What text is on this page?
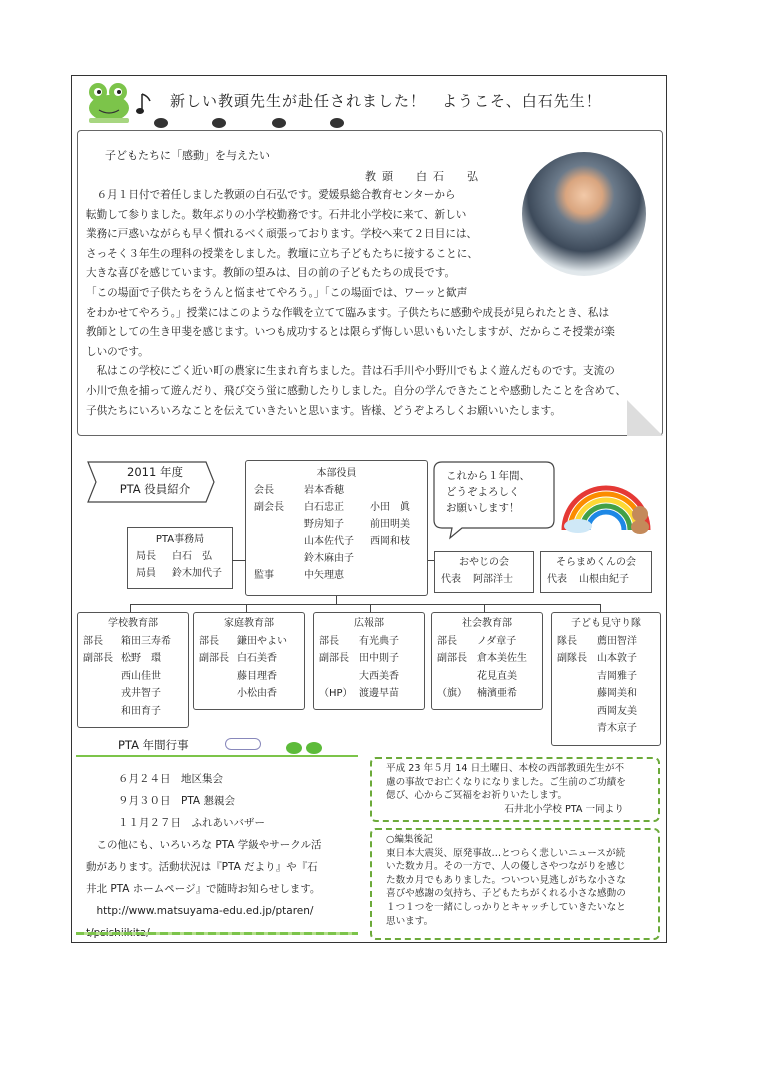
新しい教頭先生が赴任されました！　ようこそ、白石先生！
子どもたちに「感動」を与えたい
教頭　白石　弘

　６月１日付で着任しました教頭の白石弘です。愛媛県総合教育センターから

転勤して参りました。数年ぶりの小学校勤務です。石井北小学校に来て、新しい

業務に戸惑いながらも早く慣れるべく頑張っております。学校へ来て２日目には、

さっそく３年生の理科の授業をしました。教壇に立ち子どもたちに接することに、

大きな喜びを感じています。教師の望みは、目の前の子どもたちの成長です。

「この場面で子供たちをうんと悩ませてやろう。」「この場面では、ワーッと歓声

をわかせてやろう。」授業にはこのような作戦を立てて臨みます。子供たちに感動や成長が見られたとき、私は

教師としての生き甲斐を感じます。いつも成功するとは限らず悔しい思いもいたしますが、だからこそ授業が楽

しいのです。

　私はこの学校にごく近い町の農家に生まれ育ちました。昔は石手川や小野川でもよく遊んだものです。支流の

小川で魚を捕って遊んだり、飛び交う蛍に感動したりしました。自分の学んできたことや感動したことを含めて、

子供たちにいろいろなことを伝えていきたいと思います。皆様、どうぞよろしくお願いいたします。

2011 年度
PTA 役員紹介
本部役員
会長	岩本香穂
副会長	白石忠正	小田　眞
野房知子	前田明美
山本佐代子	西岡和枝
鈴木麻由子
監事	中矢理恵
PTA事務局
局長	白石　弘
局員	鈴木加代子
これから１年間、
どうぞよろしく
お願いします！
おやじの会
代表	阿部洋士
そらまめくんの会
代表	山根由紀子
学校教育部
部長	箱田三寿希
副部長 松野　環
西山佳世
戎井智子
和田育子
家庭教育部
部長	鎌田やよい
副部長 白石美香
藤目理香
小松由香
広報部
部長	有光典子
副部長	田中則子
大西美香
（HP） 渡邊早苗
社会教育部
部長	ノダ章子
副部長	倉本美佐生
花見直美
（旗）	楠濱亜希
子ども見守り隊
隊長	薦田智洋
副隊長	山本敦子
吉岡雅子
藤岡美和
西岡友美
青木京子
PTA 年間行事
６月２４日　地区集会
９月３０日　PTA 懇親会
１１月２７日　ふれあいバザー
　この他にも、いろいろな PTA 学級やサークル活
動があります。活動状況は『PTA だより』や『石
井北 PTA ホームページ』で随時お知らせします。
　http://www.matsuyama-edu.ed.jp/ptaren/
平成 23 年５月 14 日土曜日、本校の西部教頭先生が不
慮の事故でお亡くなりになりました。ご生前のご功績を
偲び、心からご冥福をお祈りいたします。
石井北小学校 PTA 一同より
○編集後記
東日本大震災、原発事故…とつらく悲しいニュースが続
いた数カ月。その一方で、人の優しさやつながりを感じ
た数カ月でもありました。ついつい見逃しがちな小さな
喜びや感謝の気持ち、子どもたちがくれる小さな感動の
１つ１つを一緒にしっかりとキャッチしていきたいなと
思います。
